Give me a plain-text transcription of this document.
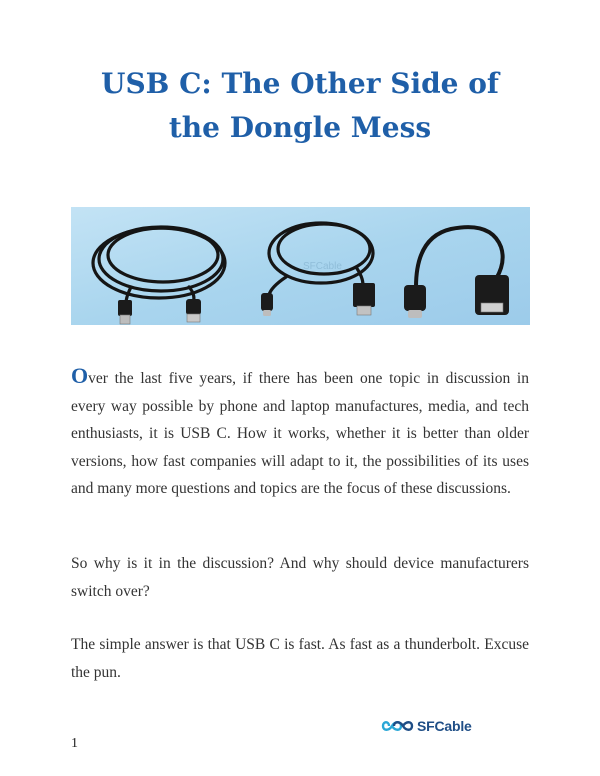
USB C: The Other Side of
the Dongle Mess
SFCable

Over the last five years, if there has been one topic in discussion in every way possible by phone and laptop manufactures, media, and tech enthusiasts, it is USB C. How it works, whether it is better than older versions, how fast companies will adapt to it, the possibilities of its uses and many more questions and topics are the focus of these discussions.

So why is it in the discussion? And why should device manufacturers switch over?

The simple answer is that USB C is fast. As fast as a thunderbolt. Excuse the pun.

1
SFCable
